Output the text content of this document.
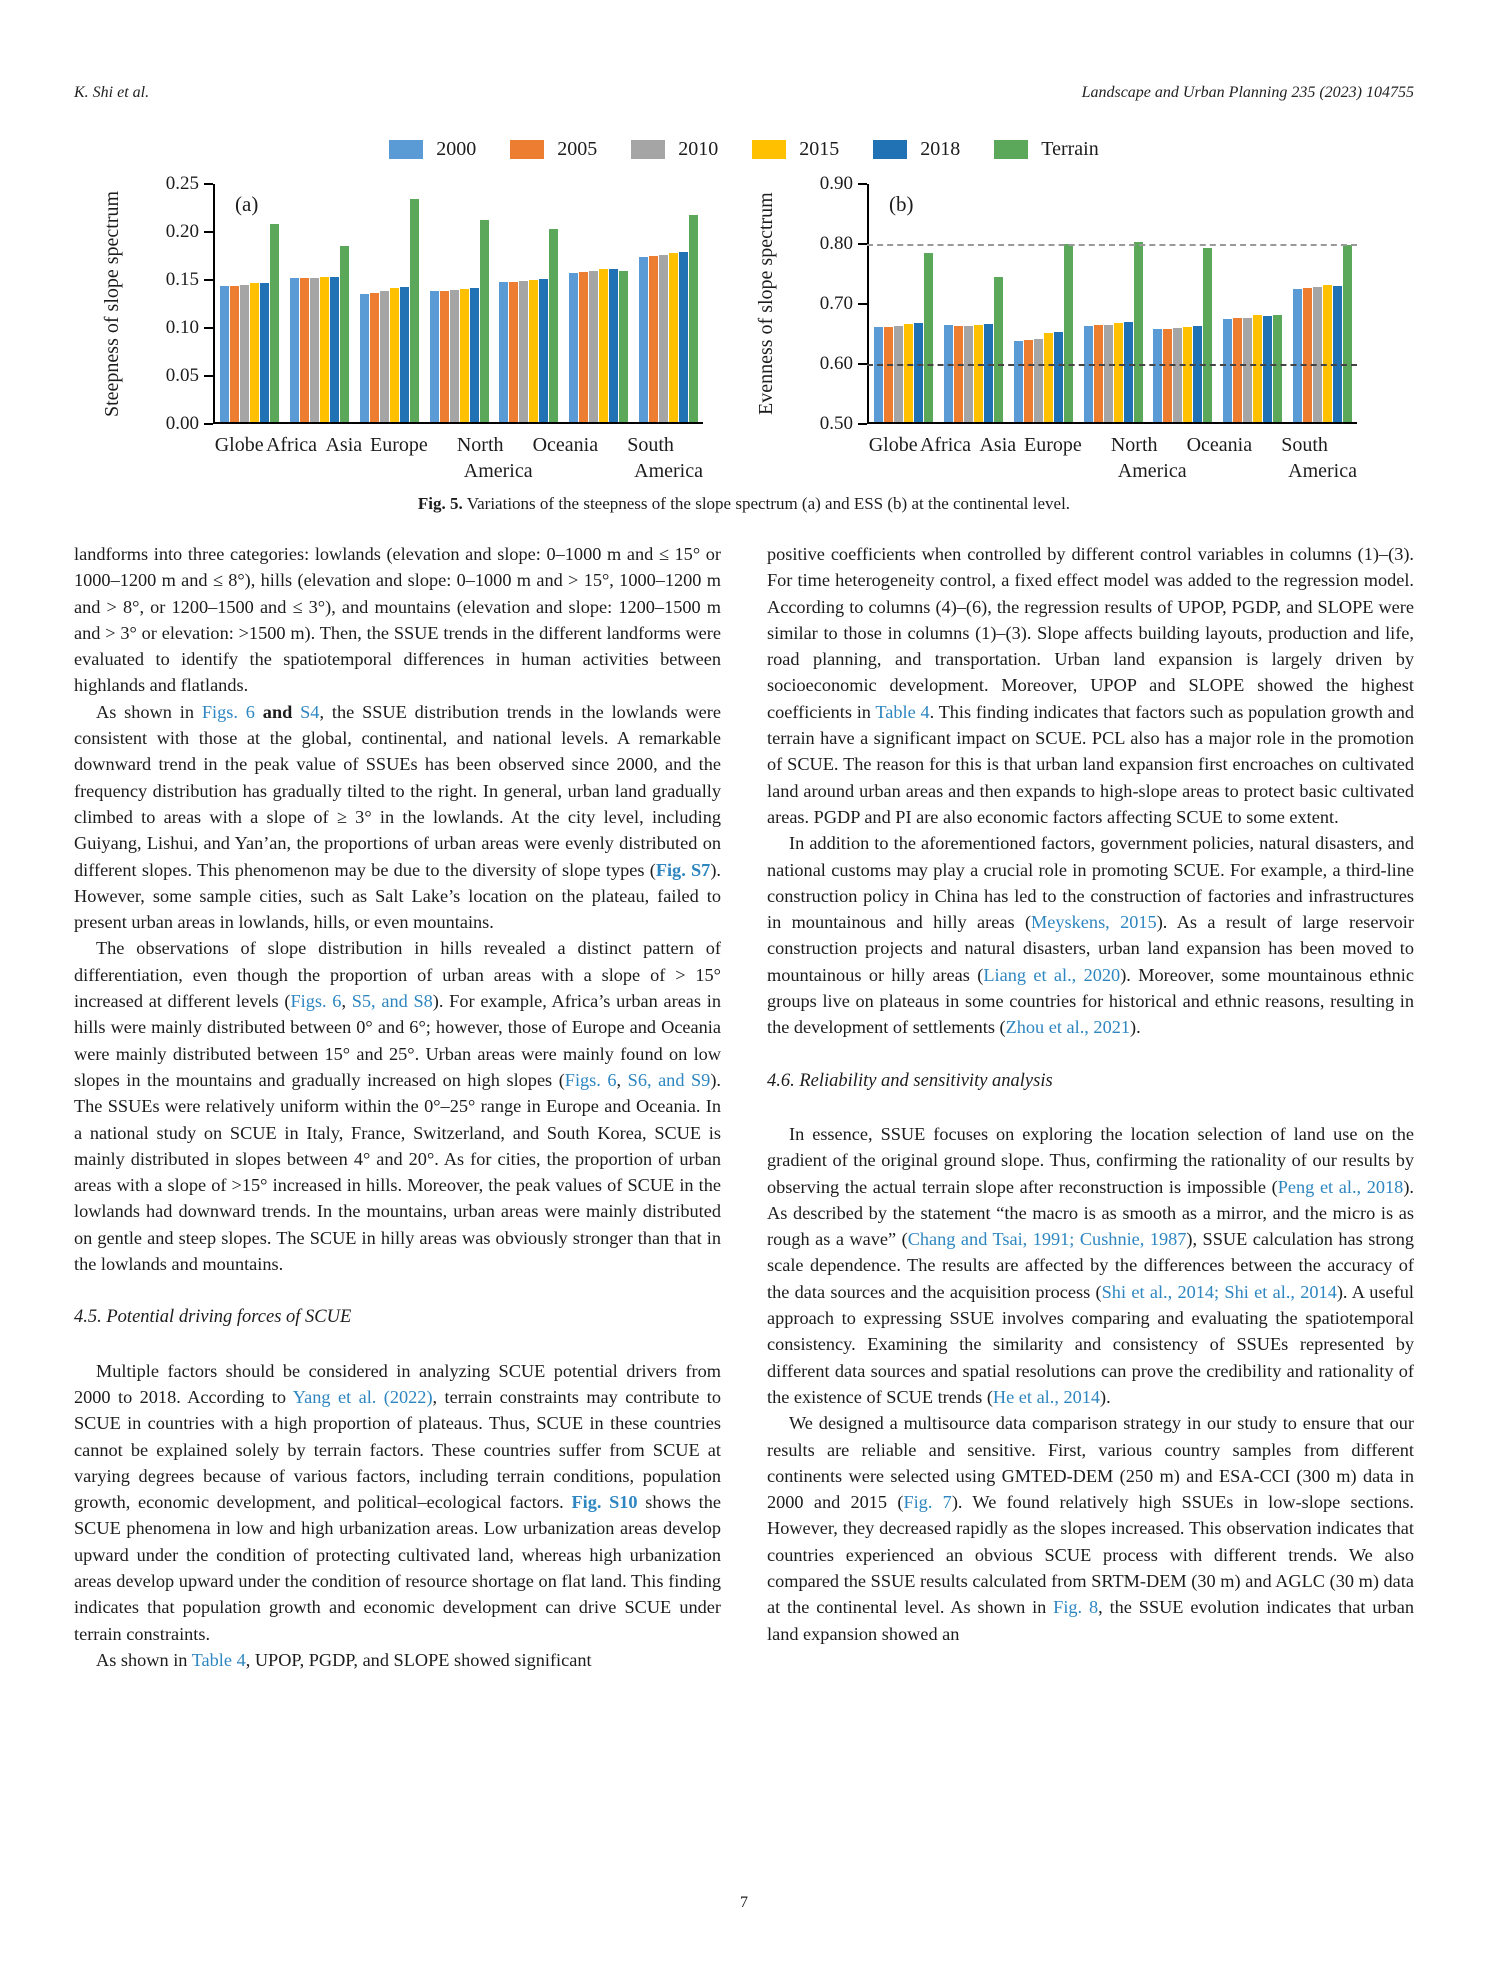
K. Shi et al.	Landscape and Urban Planning 235 (2023) 104755
2000	2005	2010	2015	2018	Terrain
Steepness of slope spectrum
0.00
0.05
0.10
0.15
0.20
0.25
(a)
Globe Africa Asia Europe	North
America
Oceania	South
America
Evenness of slope spectrum
0.50
0.60
0.70
0.80
0.90
(b)
Globe Africa Asia Europe	North
America
Oceania	South
America
Fig. 5. Variations of the steepness of the slope spectrum (a) and ESS (b) at the continental level.

landforms into three categories: lowlands (elevation and slope: 0–1000 m and ≤ 15° or 1000–1200 m and ≤ 8°), hills (elevation and slope: 0–1000 m and > 15°, 1000–1200 m and > 8°, or 1200–1500 and ≤ 3°), and mountains (elevation and slope: 1200–1500 m and > 3° or elevation: >1500 m). Then, the SSUE trends in the different landforms were evaluated to identify the spatiotemporal differences in human activities between highlands and flatlands.

As shown in Figs. 6 and S4, the SSUE distribution trends in the lowlands were consistent with those at the global, continental, and national levels. A remarkable downward trend in the peak value of SSUEs has been observed since 2000, and the frequency distribution has gradually tilted to the right. In general, urban land gradually climbed to areas with a slope of ≥ 3° in the lowlands. At the city level, including Guiyang, Lishui, and Yan’an, the proportions of urban areas were evenly distributed on different slopes. This phenomenon may be due to the diversity of slope types (Fig. S7). However, some sample cities, such as Salt Lake’s location on the plateau, failed to present urban areas in lowlands, hills, or even mountains.

The observations of slope distribution in hills revealed a distinct pattern of differentiation, even though the proportion of urban areas with a slope of > 15° increased at different levels (Figs. 6, S5, and S8). For example, Africa’s urban areas in hills were mainly distributed between 0° and 6°; however, those of Europe and Oceania were mainly distributed between 15° and 25°. Urban areas were mainly found on low slopes in the mountains and gradually increased on high slopes (Figs. 6, S6, and S9). The SSUEs were relatively uniform within the 0°–25° range in Europe and Oceania. In a national study on SCUE in Italy, France, Switzerland, and South Korea, SCUE is mainly distributed in slopes between 4° and 20°. As for cities, the proportion of urban areas with a slope of >15° increased in hills. Moreover, the peak values of SCUE in the lowlands had downward trends. In the mountains, urban areas were mainly distributed on gentle and steep slopes. The SCUE in hilly areas was obviously stronger than that in the lowlands and mountains.

4.5. Potential driving forces of SCUE

Multiple factors should be considered in analyzing SCUE potential drivers from 2000 to 2018. According to Yang et al. (2022), terrain constraints may contribute to SCUE in countries with a high proportion of plateaus. Thus, SCUE in these countries cannot be explained solely by terrain factors. These countries suffer from SCUE at varying degrees because of various factors, including terrain conditions, population growth, economic development, and political–ecological factors. Fig. S10 shows the SCUE phenomena in low and high urbanization areas. Low urbanization areas develop upward under the condition of protecting cultivated land, whereas high urbanization areas develop upward under the condition of resource shortage on flat land. This finding indicates that population growth and economic development can drive SCUE under terrain constraints.

As shown in Table 4, UPOP, PGDP, and SLOPE showed significant

positive coefficients when controlled by different control variables in columns (1)–(3). For time heterogeneity control, a fixed effect model was added to the regression model. According to columns (4)–(6), the regression results of UPOP, PGDP, and SLOPE were similar to those in columns (1)–(3). Slope affects building layouts, production and life, road planning, and transportation. Urban land expansion is largely driven by socioeconomic development. Moreover, UPOP and SLOPE showed the highest coefficients in Table 4. This finding indicates that factors such as population growth and terrain have a significant impact on SCUE. PCL also has a major role in the promotion of SCUE. The reason for this is that urban land expansion first encroaches on cultivated land around urban areas and then expands to high-slope areas to protect basic cultivated areas. PGDP and PI are also economic factors affecting SCUE to some extent.

In addition to the aforementioned factors, government policies, natural disasters, and national customs may play a crucial role in promoting SCUE. For example, a third-line construction policy in China has led to the construction of factories and infrastructures in mountainous and hilly areas (Meyskens, 2015). As a result of large reservoir construction projects and natural disasters, urban land expansion has been moved to mountainous or hilly areas (Liang et al., 2020). Moreover, some mountainous ethnic groups live on plateaus in some countries for historical and ethnic reasons, resulting in the development of settlements (Zhou et al., 2021).

4.6. Reliability and sensitivity analysis

In essence, SSUE focuses on exploring the location selection of land use on the gradient of the original ground slope. Thus, confirming the rationality of our results by observing the actual terrain slope after reconstruction is impossible (Peng et al., 2018). As described by the statement “the macro is as smooth as a mirror, and the micro is as rough as a wave” (Chang and Tsai, 1991; Cushnie, 1987), SSUE calculation has strong scale dependence. The results are affected by the differences between the accuracy of the data sources and the acquisition process (Shi et al., 2014; Shi et al., 2014). A useful approach to expressing SSUE involves comparing and evaluating the spatiotemporal consistency. Examining the similarity and consistency of SSUEs represented by different data sources and spatial resolutions can prove the credibility and rationality of the existence of SCUE trends (He et al., 2014).

We designed a multisource data comparison strategy in our study to ensure that our results are reliable and sensitive. First, various country samples from different continents were selected using GMTED-DEM (250 m) and ESA-CCI (300 m) data in 2000 and 2015 (Fig. 7). We found relatively high SSUEs in low-slope sections. However, they decreased rapidly as the slopes increased. This observation indicates that countries experienced an obvious SCUE process with different trends. We also compared the SSUE results calculated from SRTM-DEM (30 m) and AGLC (30 m) data at the continental level. As shown in Fig. 8, the SSUE evolution indicates that urban land expansion showed an

7
